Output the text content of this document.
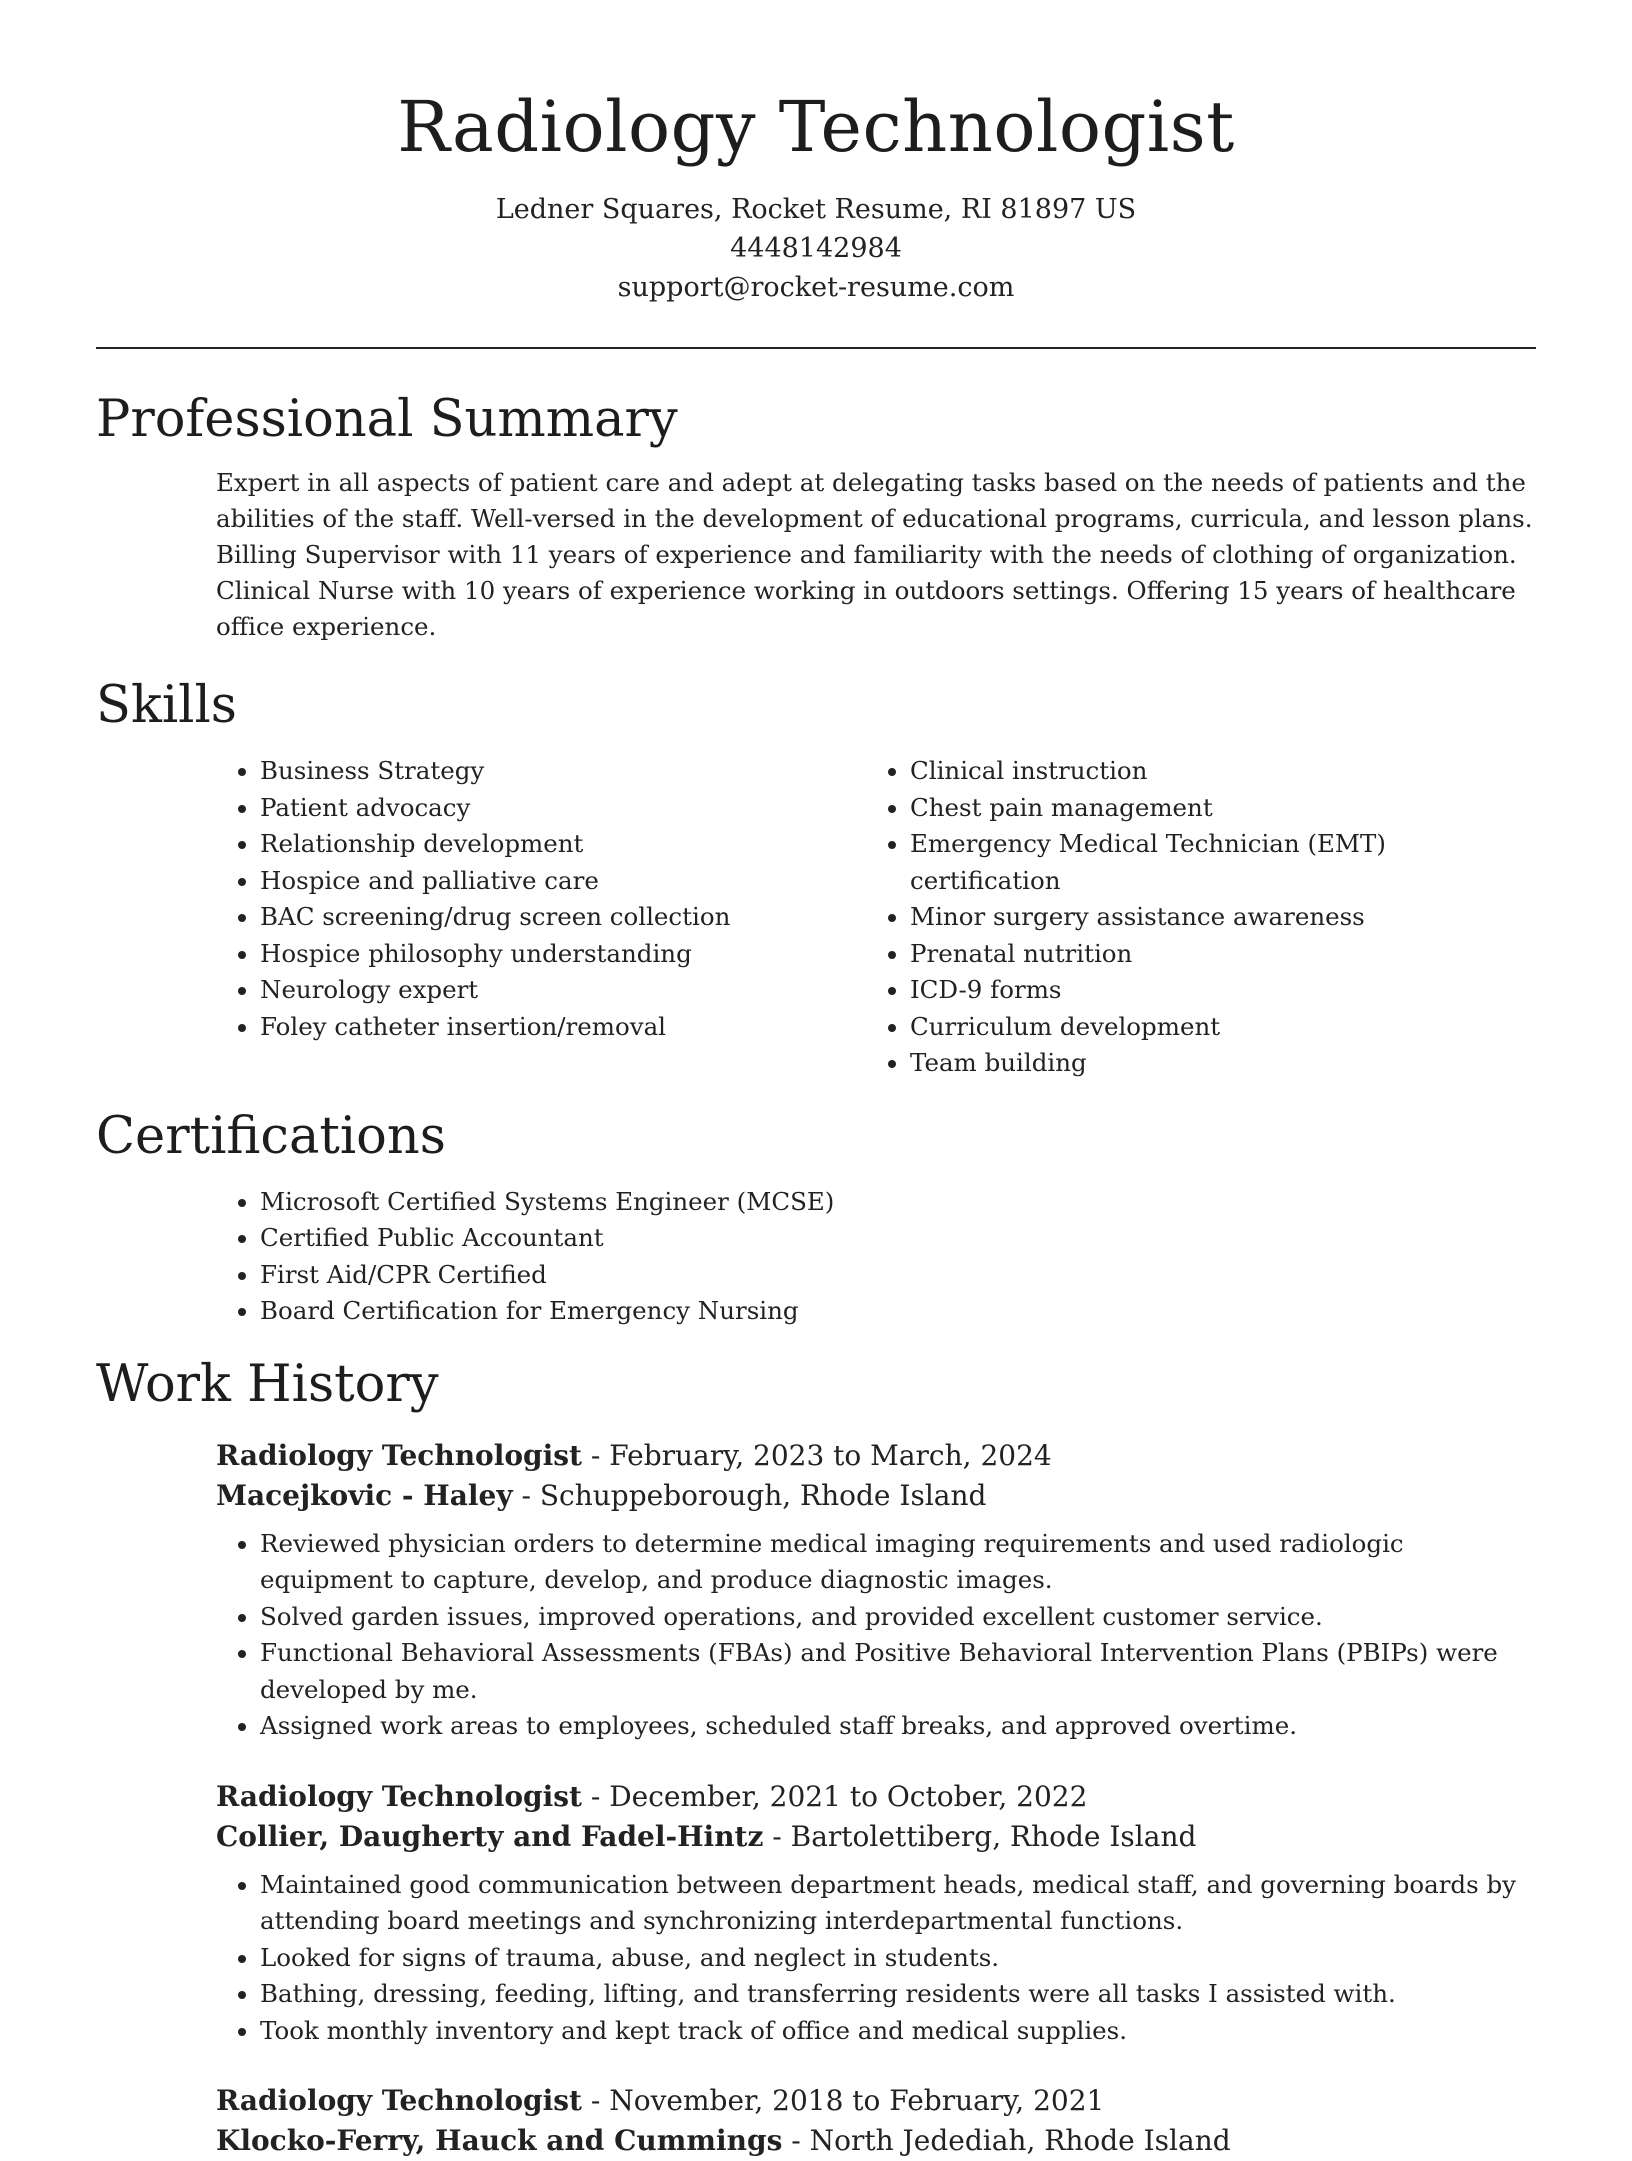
Radiology Technologist
Ledner Squares, Rocket Resume, RI 81897 US
4448142984
support@rocket-resume.com
Professional Summary

Expert in all aspects of patient care and adept at delegating tasks based on the needs of patients and the abilities of the staff. Well-versed in the development of educational programs, curricula, and lesson plans. Billing Supervisor with 11 years of experience and familiarity with the needs of clothing of organization. Clinical Nurse with 10 years of experience working in outdoors settings. Offering 15 years of healthcare office experience.

Skills
• Business Strategy
• Patient advocacy
• Relationship development
• Hospice and palliative care
• BAC screening/drug screen collection
• Hospice philosophy understanding
• Neurology expert
• Foley catheter insertion/removal
• Clinical instruction
• Chest pain management
• Emergency Medical Technician (EMT) certification
• Minor surgery assistance awareness
• Prenatal nutrition
• ICD-9 forms
• Curriculum development
• Team building
Certifications
• Microsoft Certified Systems Engineer (MCSE)
• Certified Public Accountant
• First Aid/CPR Certified
• Board Certification for Emergency Nursing
Work History
Radiology Technologist - February, 2023 to March, 2024
Macejkovic - Haley - Schuppeborough, Rhode Island
• Reviewed physician orders to determine medical imaging requirements and used radiologic equipment to capture, develop, and produce diagnostic images.
• Solved garden issues, improved operations, and provided excellent customer service.
• Functional Behavioral Assessments (FBAs) and Positive Behavioral Intervention Plans (PBIPs) were developed by me.
• Assigned work areas to employees, scheduled staff breaks, and approved overtime.
Radiology Technologist - December, 2021 to October, 2022
Collier, Daugherty and Fadel-Hintz - Bartolettiberg, Rhode Island
• Maintained good communication between department heads, medical staff, and governing boards by attending board meetings and synchronizing interdepartmental functions.
• Looked for signs of trauma, abuse, and neglect in students.
• Bathing, dressing, feeding, lifting, and transferring residents were all tasks I assisted with.
• Took monthly inventory and kept track of office and medical supplies.
Radiology Technologist - November, 2018 to February, 2021
Klocko-Ferry, Hauck and Cummings - North Jedediah, Rhode Island
